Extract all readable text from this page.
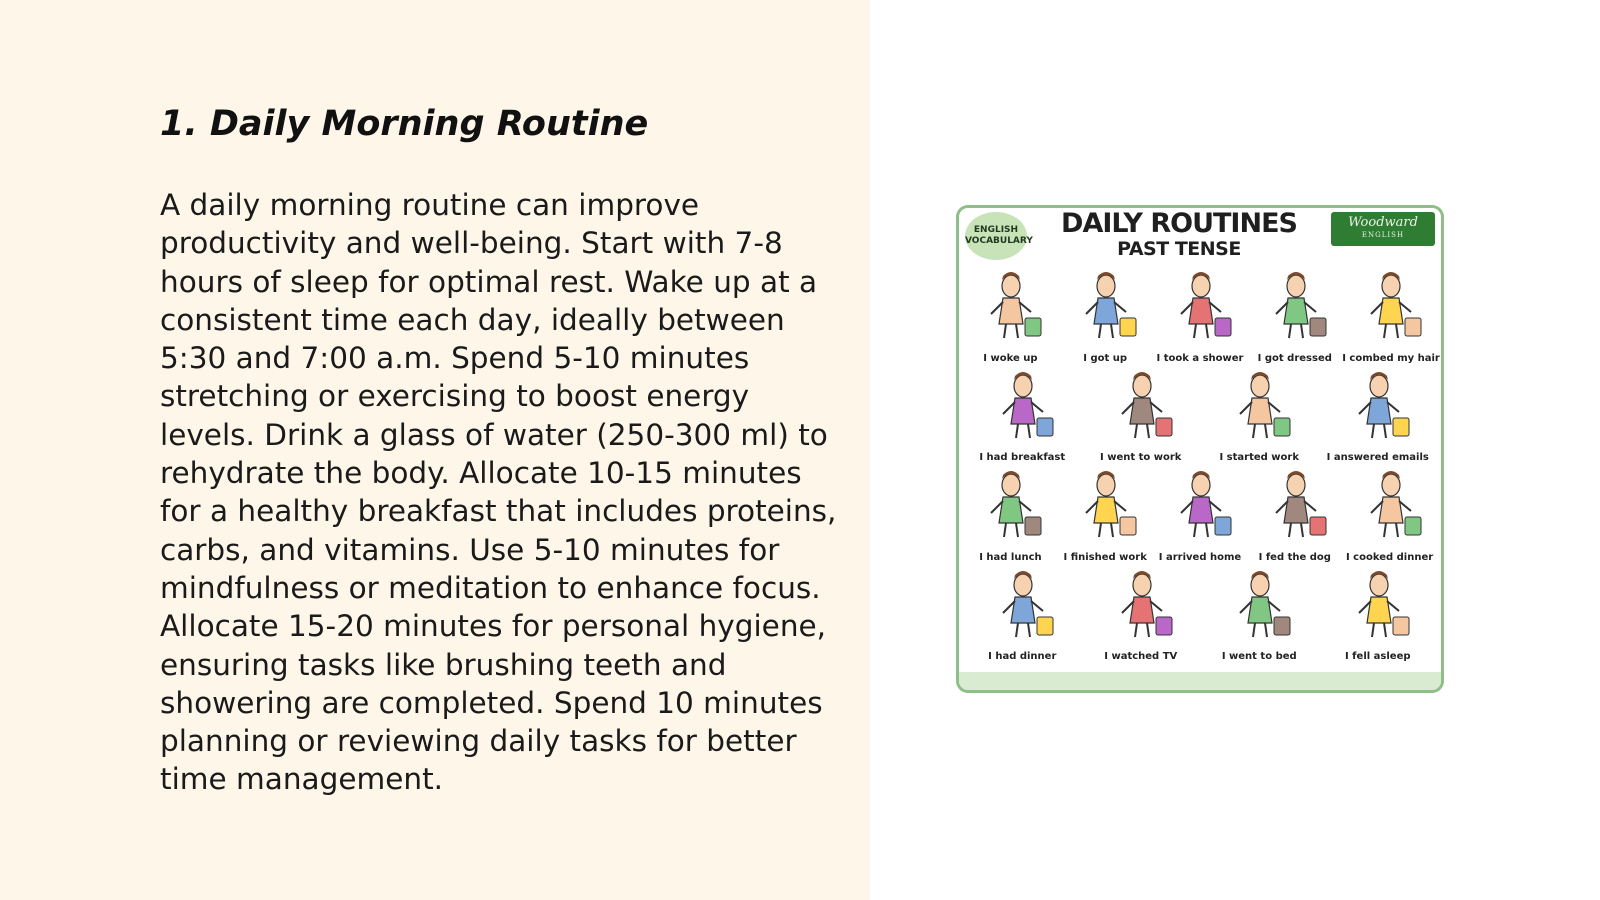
1. Daily Morning Routine

A daily morning routine can improve productivity and well-being. Start with 7-8 hours of sleep for optimal rest. Wake up at a consistent time each day, ideally between 5:30 and 7:00 a.m. Spend 5-10 minutes stretching or exercising to boost energy levels. Drink a glass of water (250-300 ml) to rehydrate the body. Allocate 10-15 minutes for a healthy breakfast that includes proteins, carbs, and vitamins. Use 5-10 minutes for mindfulness or meditation to enhance focus. Allocate 15-20 minutes for personal hygiene, ensuring tasks like brushing teeth and showering are completed. Spend 10 minutes planning or reviewing daily tasks for better time management.

ENGLISH
VOCABULARY
DAILY ROUTINES
PAST TENSE
Woodward
ENGLISH
I woke up	I got up	I took a shower	I got dressed	I combed my hair
I had breakfast	I went to work	I started work	I answered emails
I had lunch	I finished work	I arrived home	I fed the dog	I cooked dinner
I had dinner	I watched TV	I went to bed	I fell asleep
